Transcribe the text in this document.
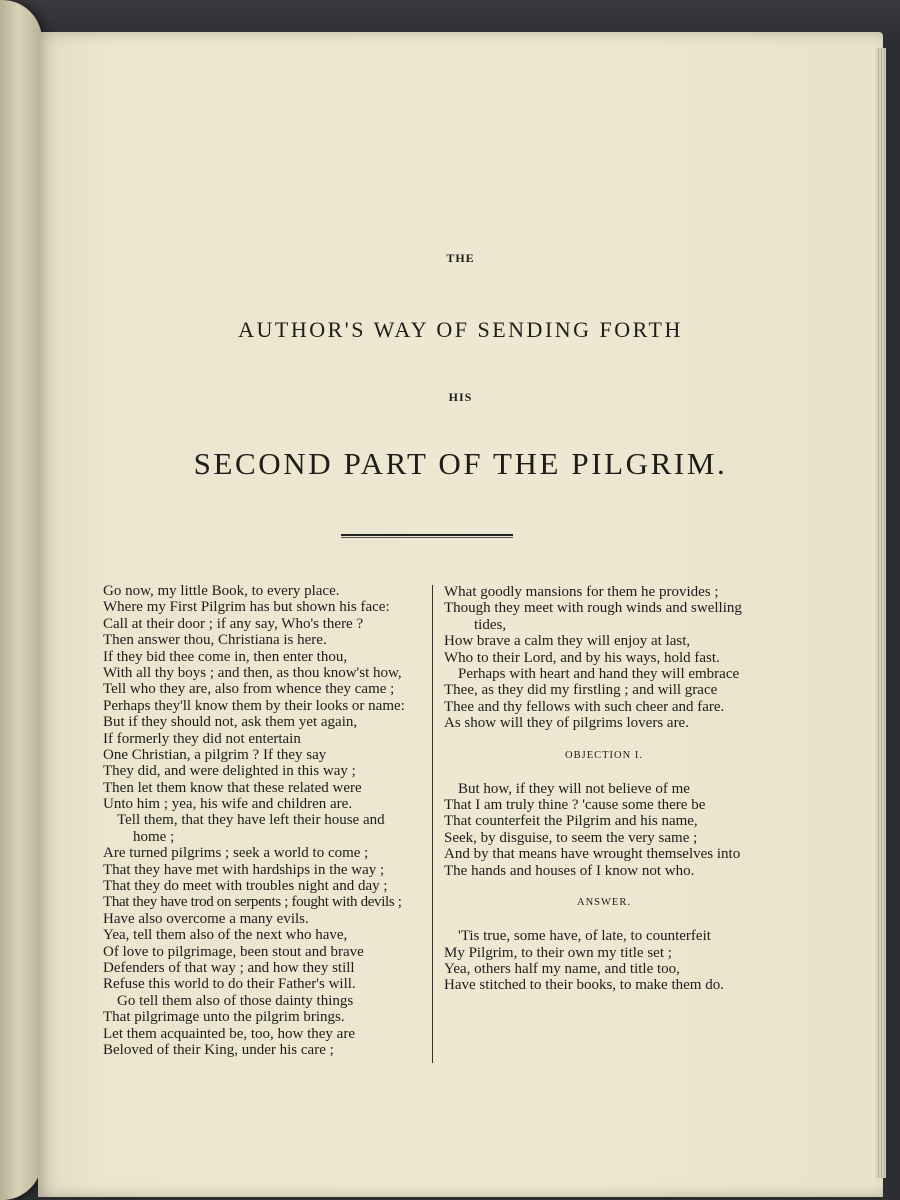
THE
AUTHOR'S WAY OF SENDING FORTH
HIS
SECOND PART OF THE PILGRIM.
Go now, my little Book, to every place.
Where my First Pilgrim has but shown his face:
Call at their door ; if any say, Who's there ?
Then answer thou, Christiana is here.
If they bid thee come in, then enter thou,
With all thy boys ; and then, as thou know'st how,
Tell who they are, also from whence they came ;
Perhaps they'll know them by their looks or name:
But if they should not, ask them yet again,
If formerly they did not entertain
One Christian, a pilgrim ? If they say
They did, and were delighted in this way ;
Then let them know that these related were
Unto him ; yea, his wife and children are.
Tell them, that they have left their house and
home ;
Are turned pilgrims ; seek a world to come ;
That they have met with hardships in the way ;
That they do meet with troubles night and day ;
That they have trod on serpents ; fought with devils ;
Have also overcome a many evils.
Yea, tell them also of the next who have,
Of love to pilgrimage, been stout and brave
Defenders of that way ; and how they still
Refuse this world to do their Father's will.
Go tell them also of those dainty things
That pilgrimage unto the pilgrim brings.
Let them acquainted be, too, how they are
Beloved of their King, under his care ;
What goodly mansions for them he provides ;
Though they meet with rough winds and swelling
tides,
How brave a calm they will enjoy at last,
Who to their Lord, and by his ways, hold fast.
Perhaps with heart and hand they will embrace
Thee, as they did my firstling ; and will grace
Thee and thy fellows with such cheer and fare.
As show will they of pilgrims lovers are.
OBJECTION I.
But how, if they will not believe of me
That I am truly thine ? 'cause some there be
That counterfeit the Pilgrim and his name,
Seek, by disguise, to seem the very same ;
And by that means have wrought themselves into
The hands and houses of I know not who.
ANSWER.
'Tis true, some have, of late, to counterfeit
My Pilgrim, to their own my title set ;
Yea, others half my name, and title too,
Have stitched to their books, to make them do.
